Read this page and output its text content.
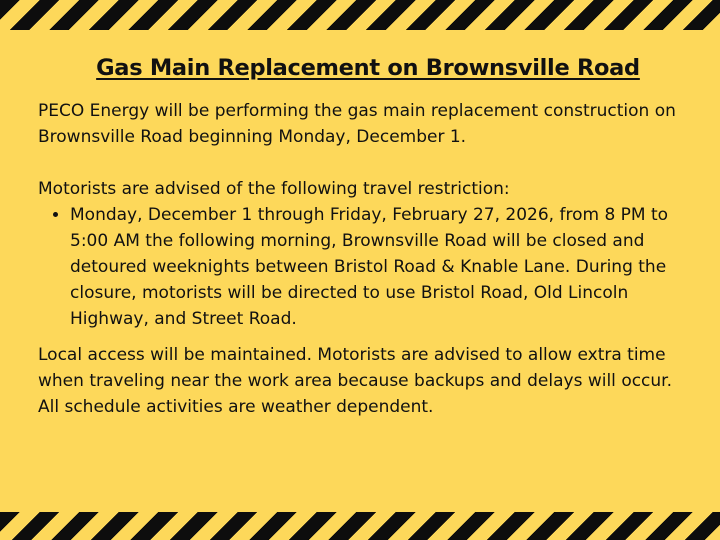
Gas Main Replacement on Brownsville Road

PECO Energy will be performing the gas main replacement construction on Brownsville Road beginning Monday, December 1.

Motorists are advised of the following travel restriction:

• Monday, December 1 through Friday, February 27, 2026, from 8 PM to 5:00 AM the following morning, Brownsville Road will be closed and detoured weeknights between Bristol Road & Knable Lane. During the closure, motorists will be directed to use Bristol Road, Old Lincoln Highway, and Street Road.

Local access will be maintained. Motorists are advised to allow extra time when traveling near the work area because backups and delays will occur. All schedule activities are weather dependent.
